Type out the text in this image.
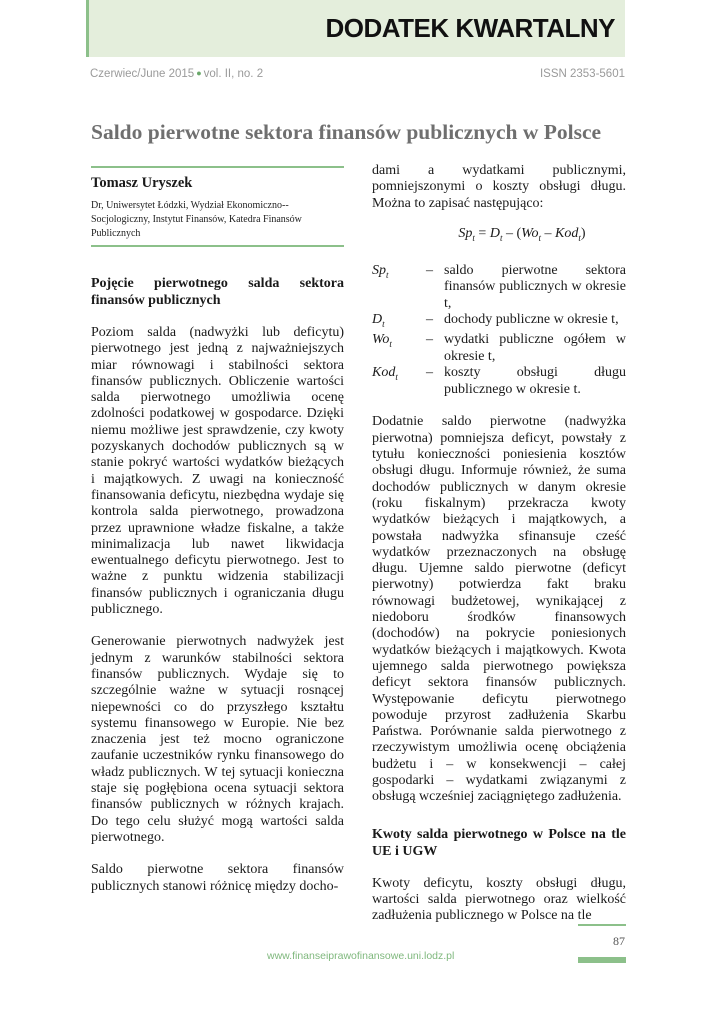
DODATEK KWARTALNY
Czerwiec/June 2015 ● vol. II, no. 2	ISSN 2353-5601
Saldo pierwotne sektora finansów publicznych w Polsce
Tomasz Uryszek
Dr, Uniwersytet Łódzki, Wydział Ekonomiczno--Socjologiczny, Instytut Finansów, Katedra Finansów Publicznych
Pojęcie pierwotnego salda sektora finansów publicznych
Poziom salda (nadwyżki lub deficytu) pierwotnego jest jedną z najważniejszych miar równowagi i stabilności sektora finansów publicznych. Obliczenie wartości salda pierwotnego umożliwia ocenę zdolności podatkowej w gospodarce. Dzięki niemu możliwe jest sprawdzenie, czy kwoty pozyskanych dochodów publicznych są w stanie pokryć wartości wydatków bieżących i majątkowych. Z uwagi na konieczność finansowania deficytu, niezbędna wydaje się kontrola salda pierwotnego, prowadzona przez uprawnione władze fiskalne, a także minimalizacja lub nawet likwidacja ewentualnego deficytu pierwotnego. Jest to ważne z punktu widzenia stabilizacji finansów publicznych i ograniczania długu publicznego.
Generowanie pierwotnych nadwyżek jest jednym z warunków stabilności sektora finansów publicznych. Wydaje się to szczególnie ważne w sytuacji rosnącej niepewności co do przyszłego kształtu systemu finansowego w Europie. Nie bez znaczenia jest też mocno ograniczone zaufanie uczestników rynku finansowego do władz publicznych. W tej sytuacji konieczna staje się pogłębiona ocena sytuacji sektora finansów publicznych w różnych krajach. Do tego celu służyć mogą wartości salda pierwotnego.
Saldo pierwotne sektora finansów publicznych stanowi różnicę między docho-
dami a wydatkami publicznymi, pomniejszonymi o koszty obsługi długu. Można to zapisać następująco:
$Sp_t = D_t - (Wo_t - Kod_t)$
$Sp_t$	– saldo pierwotne sektora finansów publicznych w okresie t,
$D_t$	– dochody publiczne w okresie t,
$Wo_t$	– wydatki publiczne ogółem w okresie t,
Kod$_t$	– koszty obsługi długu publicznego w okresie t.
Dodatnie saldo pierwotne (nadwyżka pierwotna) pomniejsza deficyt, powstały z tytułu konieczności poniesienia kosztów obsługi długu. Informuje również, że suma dochodów publicznych w danym okresie (roku fiskalnym) przekracza kwoty wydatków bieżących i majątkowych, a powstała nadwyżka sfinansuje cześć wydatków przeznaczonych na obsługę długu. Ujemne saldo pierwotne (deficyt pierwotny) potwierdza fakt braku równowagi budżetowej, wynikającej z niedoboru środków finansowych (dochodów) na pokrycie poniesionych wydatków bieżących i majątkowych. Kwota ujemnego salda pierwotnego powiększa deficyt sektora finansów publicznych. Występowanie deficytu pierwotnego powoduje przyrost zadłużenia Skarbu Państwa. Porównanie salda pierwotnego z rzeczywistym umożliwia ocenę obciążenia budżetu i – w konsekwencji – całej gospodarki – wydatkami związanymi z obsługą wcześniej zaciągniętego zadłużenia.
Kwoty salda pierwotnego w Polsce na tle UE i UGW
Kwoty deficytu, koszty obsługi długu, wartości salda pierwotnego oraz wielkość zadłużenia publicznego w Polsce na tle
87
www.finanseiprawofinansowe.uni.lodz.pl
